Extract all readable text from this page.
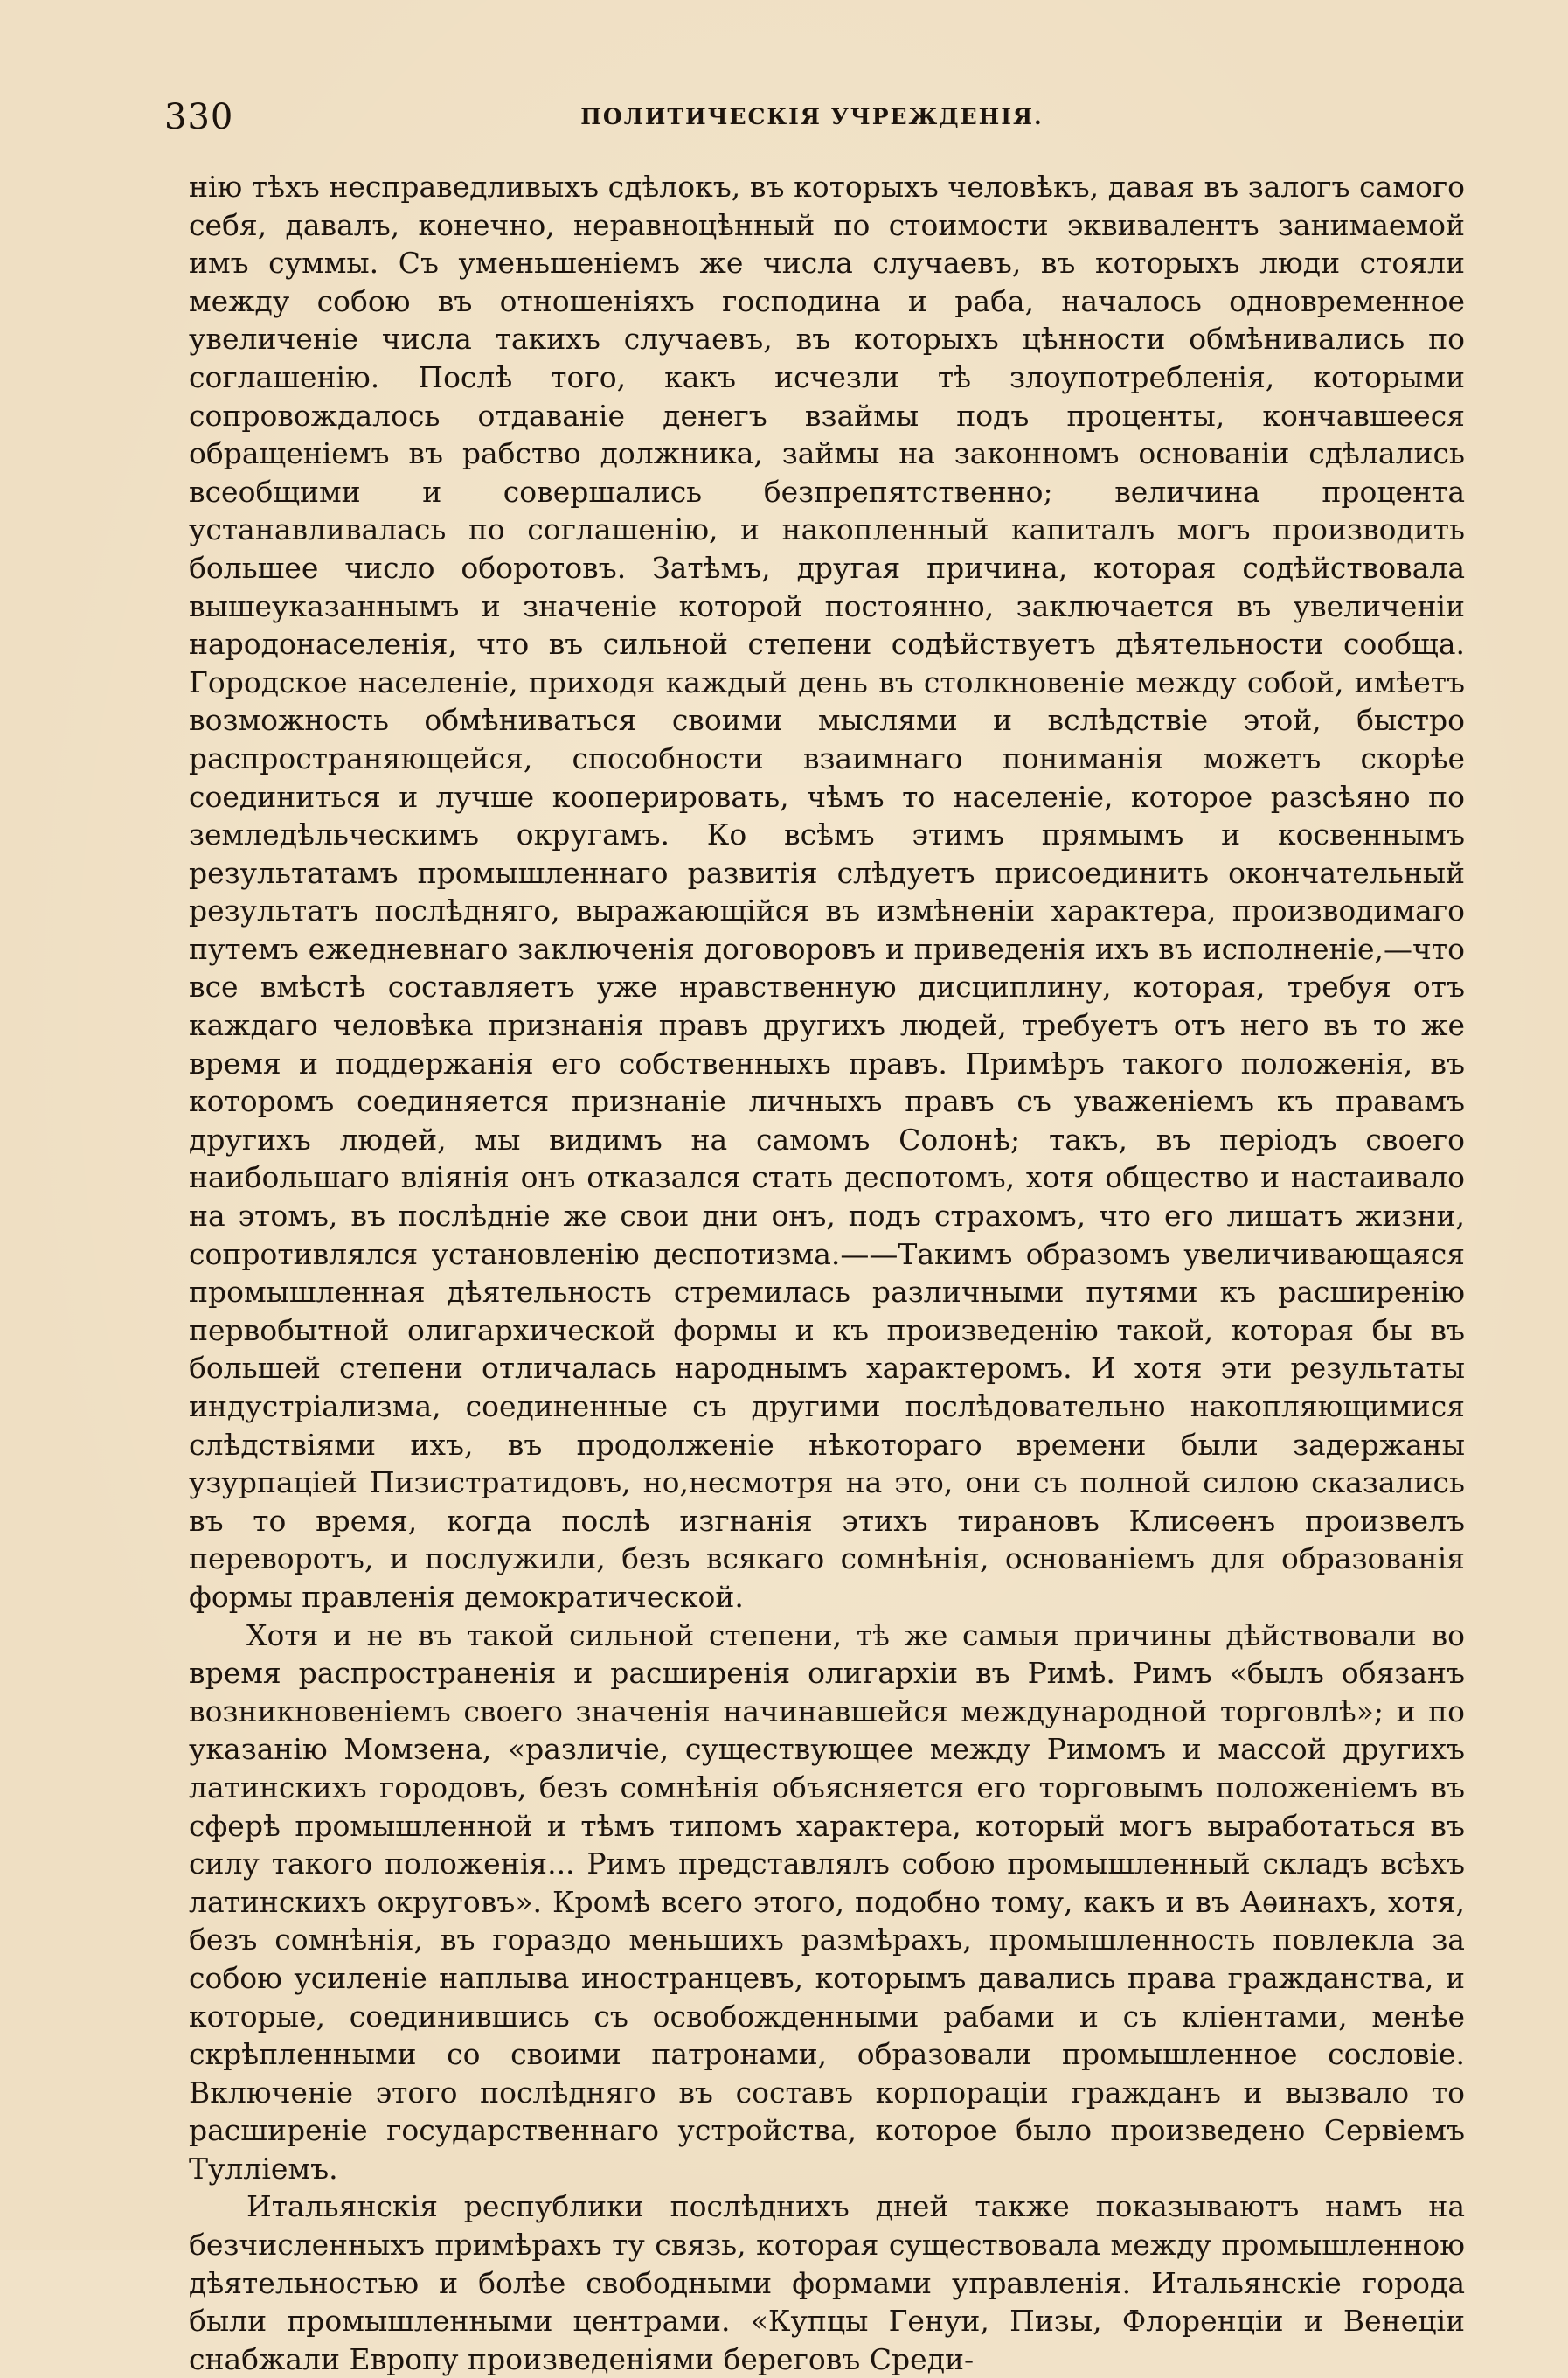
330	ПОЛИТИЧЕСКІЯ УЧРЕЖДЕНІЯ.

нію тѣхъ несправедливыхъ сдѣлокъ, въ которыхъ человѣкъ, давая въ залогъ самого себя, давалъ, конечно, неравноцѣнный по стоимости эквивалентъ занимаемой имъ суммы. Съ уменьшеніемъ же числа случаевъ, въ которыхъ люди стояли между собою въ отношеніяхъ господина и раба, началось одновременное увеличеніе числа такихъ случаевъ, въ которыхъ цѣнности обмѣнивались по соглашенію. Послѣ того, какъ исчезли тѣ злоупотребленія, которыми сопровождалось отдаваніе денегъ взаймы подъ проценты, кончавшееся обращеніемъ въ рабство должника, займы на законномъ основаніи сдѣлались всеобщими и совершались безпрепятственно; величина процента устанавливалась по соглашенію, и накопленный капиталъ могъ производить большее число оборотовъ. Затѣмъ, другая причина, которая содѣйствовала вышеуказаннымъ и значеніе которой постоянно, заключается въ увеличеніи народонаселенія, что въ сильной степени содѣйствуетъ дѣятельности сообща. Городское населеніе, приходя каждый день въ столкновеніе между собой, имѣетъ возможность обмѣниваться своими мыслями и вслѣдствіе этой, быстро распространяющейся, способности взаимнаго пониманія можетъ скорѣе соединиться и лучше кооперировать, чѣмъ то населеніе, которое разсѣяно по земледѣльческимъ округамъ. Ко всѣмъ этимъ прямымъ и косвеннымъ результатамъ промышленнаго развитія слѣдуетъ присоединить окончательный результатъ послѣдняго, выражающійся въ измѣненіи характера, производимаго путемъ ежедневнаго заключенія договоровъ и приведенія ихъ въ исполненіе,—что все вмѣстѣ составляетъ уже нравственную дисциплину, которая, требуя отъ каждаго человѣка признанія правъ другихъ людей, требуетъ отъ него въ то же время и поддержанія его собственныхъ правъ. Примѣръ такого положенія, въ которомъ соединяется признаніе личныхъ правъ съ уваженіемъ къ правамъ другихъ людей, мы видимъ на самомъ Солонѣ; такъ, въ періодъ своего наибольшаго вліянія онъ отказался стать деспотомъ, хотя общество и настаивало на этомъ, въ послѣдніе же свои дни онъ, подъ страхомъ, что его лишатъ жизни, сопротивлялся установленію деспотизма.——Такимъ образомъ увеличивающаяся промышленная дѣятельность стремилась различными путями къ расширенію первобытной олигархической формы и къ произведенію такой, которая бы въ большей степени отличалась народнымъ характеромъ. И хотя эти результаты индустріализма, соединенные съ другими послѣдовательно накопляющимися слѣдствіями ихъ, въ продолженіе нѣкотораго времени были задержаны узурпаціей Пизистратидовъ, но,несмотря на это, они съ полной силою сказались въ то время, когда послѣ изгнанія этихъ тирановъ Клисѳенъ произвелъ переворотъ, и послужили, безъ всякаго сомнѣнія, основаніемъ для образованія формы правленія демократической.

Хотя и не въ такой сильной степени, тѣ же самыя причины дѣйствовали во время распространенія и расширенія олигархіи въ Римѣ. Римъ «былъ обязанъ возникновеніемъ своего значенія начинавшейся международной торговлѣ»; и по указанію Момзена, «различіе, существующее между Римомъ и массой другихъ латинскихъ городовъ, безъ сомнѣнія объясняется его торговымъ положеніемъ въ сферѣ промышленной и тѣмъ типомъ характера, который могъ выработаться въ силу такого положенія... Римъ представлялъ собою промышленный складъ всѣхъ латинскихъ округовъ». Кромѣ всего этого, подобно тому, какъ и въ Аѳинахъ, хотя, безъ сомнѣнія, въ гораздо меньшихъ размѣрахъ, промышленность повлекла за собою усиленіе наплыва иностранцевъ, которымъ давались права гражданства, и которые, соединившись съ освобожденными рабами и съ кліентами, менѣе скрѣпленными со своими патронами, образовали промышленное сословіе. Включеніе этого послѣдняго въ составъ корпораціи гражданъ и вызвало то расширеніе государственнаго устройства, которое было произведено Сервіемъ Тулліемъ.

Итальянскія республики послѣднихъ дней также показываютъ намъ на безчисленныхъ примѣрахъ ту связь, которая существовала между промышленною дѣятельностью и болѣе свободными формами управленія. Итальянскіе города были промышленными центрами. «Купцы Генуи, Пизы, Флоренціи и Венеціи снабжали Европу произведеніями береговъ Среди-
